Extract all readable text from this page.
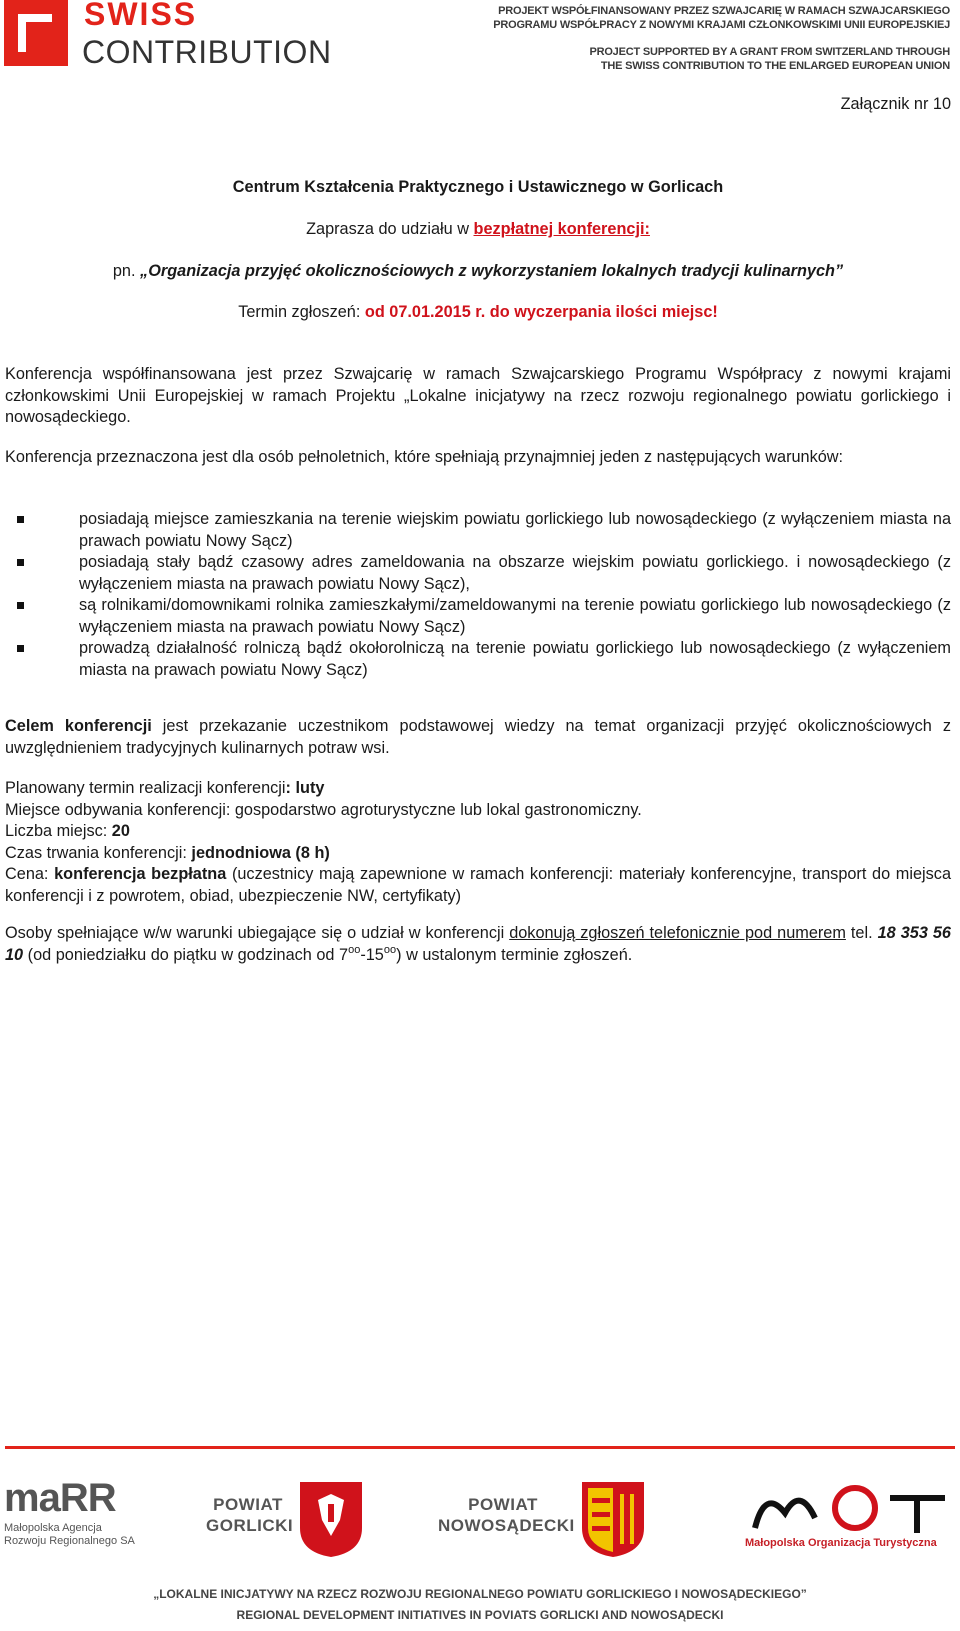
SWISS
CONTRIBUTION
PROJEKT WSPÓŁFINANSOWANY PRZEZ SZWAJCARIĘ W RAMACH SZWAJCARSKIEGO
PROGRAMU WSPÓŁPRACY Z NOWYMI KRAJAMI CZŁONKOWSKIMI UNII EUROPEJSKIEJ
PROJECT SUPPORTED BY A GRANT FROM SWITZERLAND THROUGH
THE SWISS CONTRIBUTION TO THE ENLARGED EUROPEAN UNION
Załącznik nr 10
Centrum Kształcenia Praktycznego i Ustawicznego w Gorlicach
Zaprasza do udziału w bezpłatnej konferencji:
pn. „Organizacja przyjęć okolicznościowych z wykorzystaniem lokalnych tradycji kulinarnych”
Termin zgłoszeń: od 07.01.2015 r. do wyczerpania ilości miejsc!
Konferencja współfinansowana jest przez Szwajcarię w ramach Szwajcarskiego Programu Współpracy z nowymi krajami członkowskimi Unii Europejskiej w ramach Projektu „Lokalne inicjatywy na rzecz rozwoju regionalnego powiatu gorlickiego i nowosądeckiego.
Konferencja przeznaczona jest dla osób pełnoletnich, które spełniają przynajmniej jeden z następujących warunków:
posiadają miejsce zamieszkania na terenie wiejskim powiatu gorlickiego lub nowosądeckiego (z wyłączeniem miasta na prawach powiatu Nowy Sącz)
posiadają stały bądź czasowy adres zameldowania na obszarze wiejskim powiatu gorlickiego. i nowosądeckiego (z wyłączeniem miasta na prawach powiatu Nowy Sącz),
są rolnikami/domownikami rolnika zamieszkałymi/zameldowanymi na terenie powiatu gorlickiego lub nowosądeckiego (z wyłączeniem miasta na prawach powiatu Nowy Sącz)
prowadzą działalność rolniczą bądź okołorolniczą na terenie powiatu gorlickiego lub nowosądeckiego (z wyłączeniem miasta na prawach powiatu Nowy Sącz)
Celem konferencji jest przekazanie uczestnikom podstawowej wiedzy na temat organizacji przyjęć okolicznościowych z uwzględnieniem tradycyjnych kulinarnych potraw wsi.
Planowany termin realizacji konferencji: luty
Miejsce odbywania konferencji: gospodarstwo agroturystyczne lub lokal gastronomiczny.
Liczba miejsc: 20
Czas trwania konferencji: jednodniowa (8 h)
Cena: konferencja bezpłatna (uczestnicy mają zapewnione w ramach konferencji: materiały konferencyjne, transport do miejsca konferencji i z powrotem, obiad, ubezpieczenie NW, certyfikaty)
Osoby spełniające w/w warunki ubiegające się o udział w konferencji dokonują zgłoszeń telefonicznie pod numerem tel. 18 353 56 10 (od poniedziałku do piątku w godzinach od $7^{oo}-15^{oo}$) w ustalonym terminie zgłoszeń.
maRR
Małopolska Agencja
Rozwoju Regionalnego SA
POWIAT
GORLICKI
POWIAT
NOWOSĄDECKI
Małopolska Organizacja Turystyczna
„LOKALNE INICJATYWY NA RZECZ ROZWOJU REGIONALNEGO POWIATU GORLICKIEGO I NOWOSĄDECKIEGO”
REGIONAL DEVELOPMENT INITIATIVES IN POVIATS GORLICKI AND NOWOSĄDECKI
